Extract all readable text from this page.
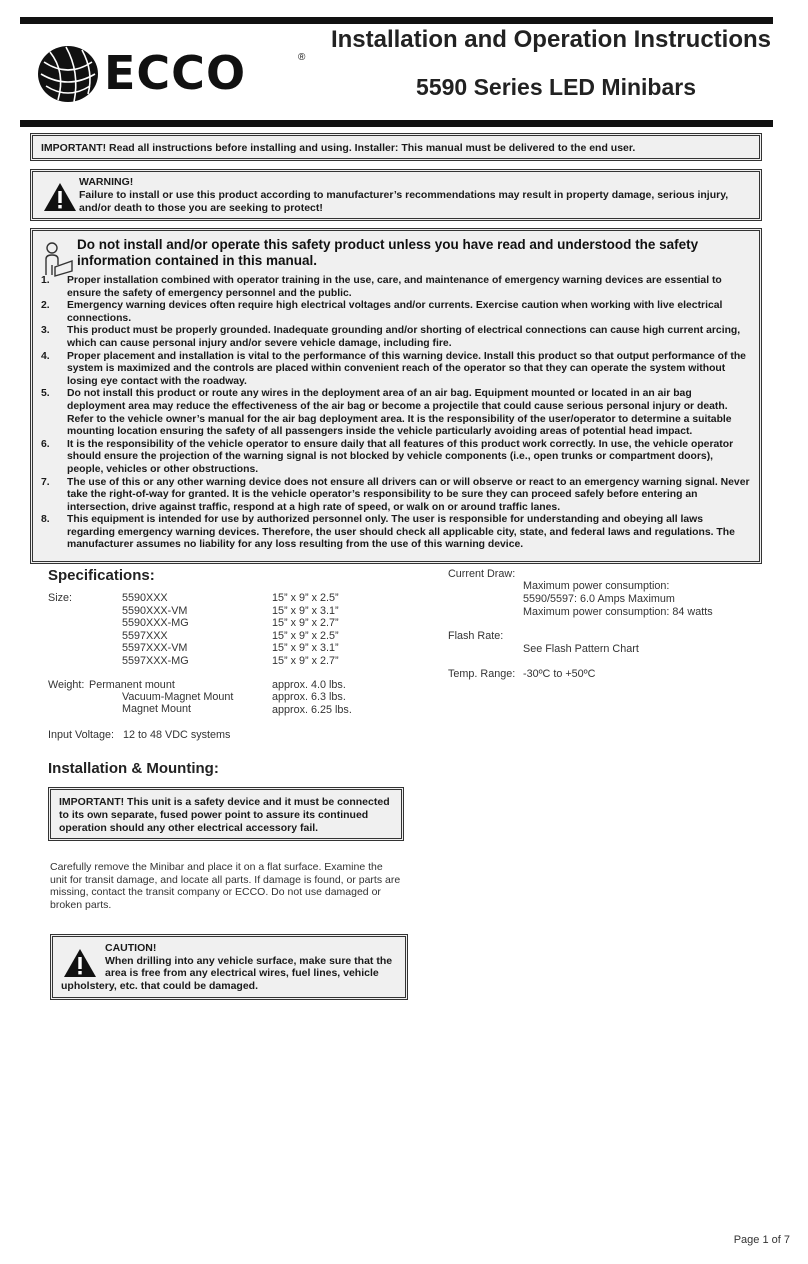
ECCO	®
Installation and Operation Instructions
5590 Series LED Minibars
IMPORTANT! Read all instructions before installing and using. Installer: This manual must be delivered to the end user.
WARNING!
Failure to install or use this product according to manufacturer’s recommendations may result in property damage, serious injury, and/or death to those you are seeking to protect!
Do not install and/or operate this safety product unless you have read and understood the safety information contained in this manual.
1. Proper installation combined with operator training in the use, care, and maintenance of emergency warning devices are essential to ensure the safety of emergency personnel and the public.
2. Emergency warning devices often require high electrical voltages and/or currents. Exercise caution when working with live electrical connections.
3. This product must be properly grounded. Inadequate grounding and/or shorting of electrical connections can cause high current arcing, which can cause personal injury and/or severe vehicle damage, including fire.
4. Proper placement and installation is vital to the performance of this warning device. Install this product so that output performance of the system is maximized and the controls are placed within convenient reach of the operator so that they can operate the system without losing eye contact with the roadway.
5. Do not install this product or route any wires in the deployment area of an air bag. Equipment mounted or located in an air bag deployment area may reduce the effectiveness of the air bag or become a projectile that could cause serious personal injury or death. Refer to the vehicle owner’s manual for the air bag deployment area. It is the responsibility of the user/operator to determine a suitable mounting location ensuring the safety of all passengers inside the vehicle particularly avoiding areas of potential head impact.
6. It is the responsibility of the vehicle operator to ensure daily that all features of this product work correctly. In use, the vehicle operator should ensure the projection of the warning signal is not blocked by vehicle components (i.e., open trunks or compartment doors), people, vehicles or other obstructions.
7. The use of this or any other warning device does not ensure all drivers can or will observe or react to an emergency warning signal. Never take the right-of-way for granted. It is the vehicle operator’s responsibility to be sure they can proceed safely before entering an intersection, drive against traffic, respond at a high rate of speed, or walk on or around traffic lanes.
8. This equipment is intended for use by authorized personnel only. The user is responsible for understanding and obeying all laws regarding emergency warning devices. Therefore, the user should check all applicable city, state, and federal laws and regulations. The manufacturer assumes no liability for any loss resulting from the use of this warning device.
Specifications:
Size:	5590XXX
5590XXX-VM
5590XXX-MG
5597XXX
5597XXX-VM
5597XXX-MG
15” x 9” x 2.5”
15” x 9” x 3.1”
15” x 9” x 2.7”
15” x 9” x 2.5”
15” x 9” x 3.1”
15” x 9” x 2.7”
Weight: Permanent mount
Vacuum-Magnet Mount
Magnet Mount
approx. 4.0 lbs.
approx. 6.3 lbs.
approx. 6.25 lbs.
Input Voltage: 12 to 48 VDC systems
Current Draw:
Maximum power consumption:
5590/5597: 6.0 Amps Maximum
Maximum power consumption: 84 watts
Flash Rate:
See Flash Pattern Chart
Temp. Range: -30ºC to +50ºC
Installation & Mounting:
IMPORTANT! This unit is a safety device and it must be connected to its own separate, fused power point to assure its continued operation should any other electrical accessory fail.
Carefully remove the Minibar and place it on a flat surface. Examine the unit for transit damage, and locate all parts. If damage is found, or parts are missing, contact the transit company or ECCO. Do not use damaged or broken parts.
CAUTION!
When drilling into any vehicle surface, make sure that the area is free from any electrical wires, fuel lines, vehicle upholstery, etc. that could be damaged.
Page 1 of 7
